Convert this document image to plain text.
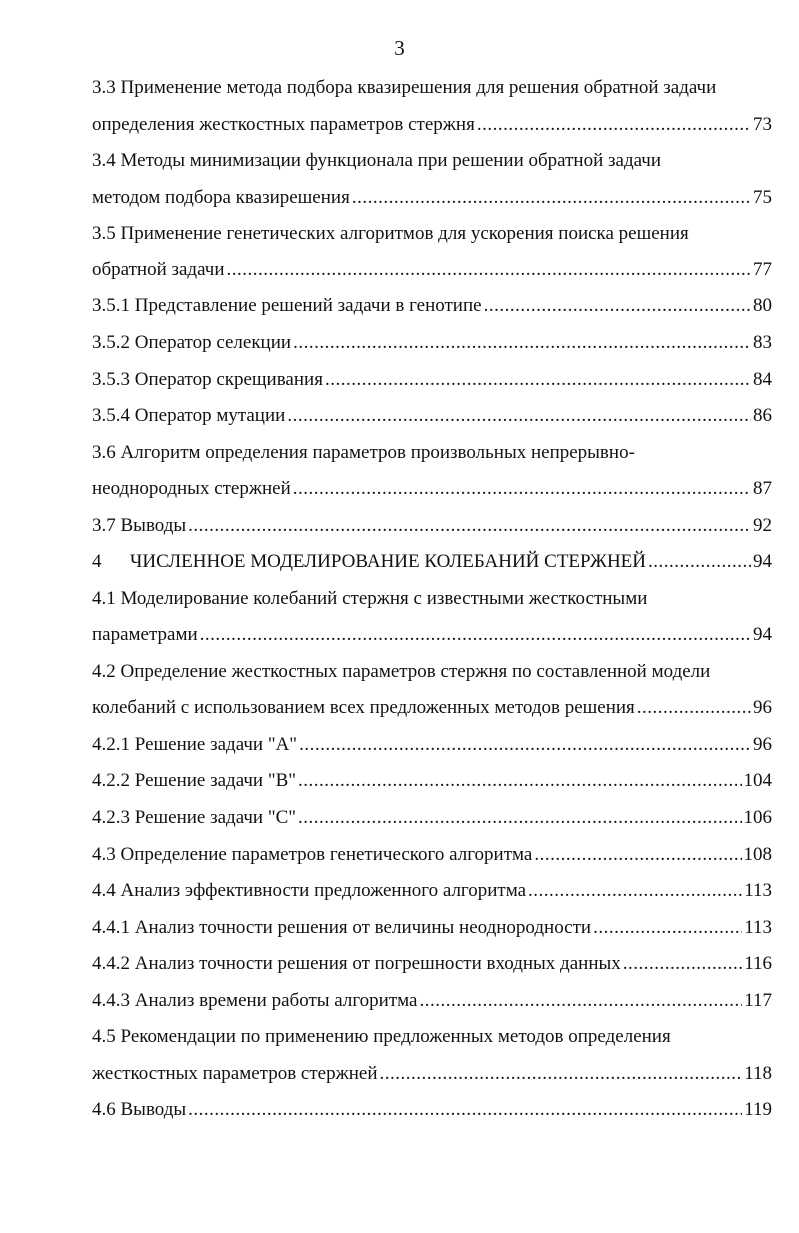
3
3.3 Применение метода подбора квазирешения для решения обратной задачи
определения жесткостных параметров стержня .....	73
3.4 Методы минимизации функционала при решении обратной задачи
методом подбора квазирешения .....	75
3.5 Применение генетических алгоритмов для ускорения поиска решения
обратной задачи .....	77
3.5.1 Представление решений задачи в генотипе .....	80
3.5.2 Оператор селекции .....	83
3.5.3 Оператор скрещивания .....	84
3.5.4 Оператор мутации .....	86
3.6 Алгоритм определения параметров произвольных непрерывно-
неоднородных стержней .....	87
3.7 Выводы .....	92
4      ЧИСЛЕННОЕ МОДЕЛИРОВАНИЕ КОЛЕБАНИЙ СТЕРЖНЕЙ .....	94
4.1 Моделирование колебаний стержня с известными жесткостными
параметрами .....	94
4.2 Определение жесткостных параметров стержня по составленной модели
колебаний с использованием всех предложенных методов решения .....	96
4.2.1 Решение задачи "А" .....	96
4.2.2 Решение задачи "В" .....	104
4.2.3 Решение задачи "С" .....	106
4.3 Определение параметров генетического алгоритма .....	108
4.4 Анализ эффективности предложенного алгоритма .....	113
4.4.1 Анализ точности решения от величины неоднородности .....	113
4.4.2 Анализ точности решения от погрешности входных данных .....	116
4.4.3 Анализ времени работы алгоритма .....	117
4.5 Рекомендации по применению предложенных методов определения
жесткостных параметров стержней .....	118
4.6 Выводы .....	119
